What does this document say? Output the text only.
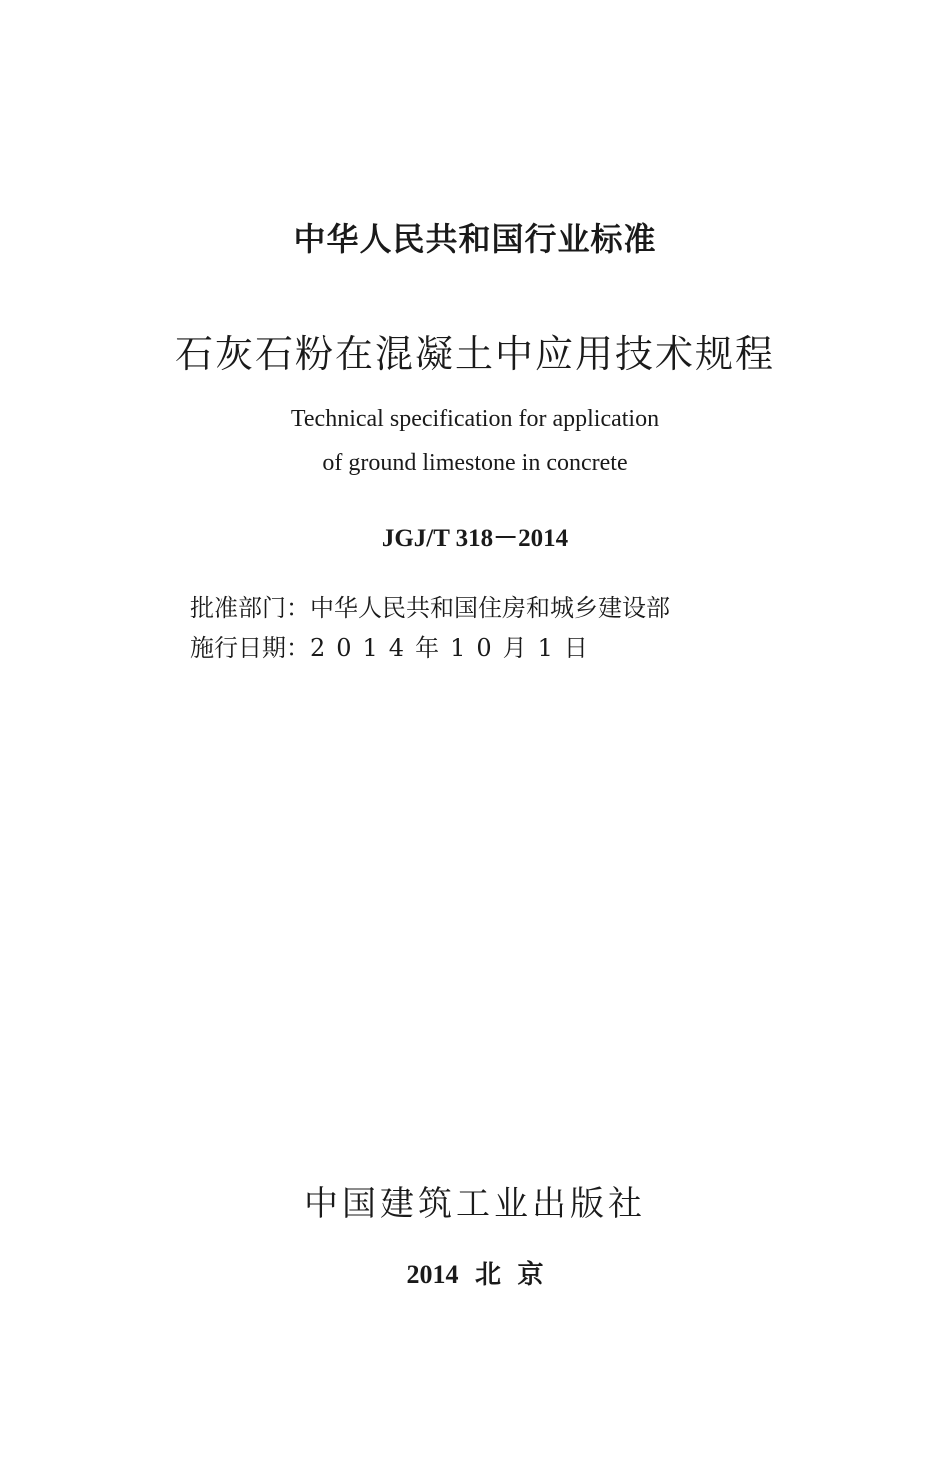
中华人民共和国行业标准
石灰石粉在混凝土中应用技术规程
Technical specification for application
of ground limestone in concrete
JGJ/T 318－2014
批准部门：中华人民共和国住房和城乡建设部
施行日期：2014年10月1日
中国建筑工业出版社
2014 北 京
